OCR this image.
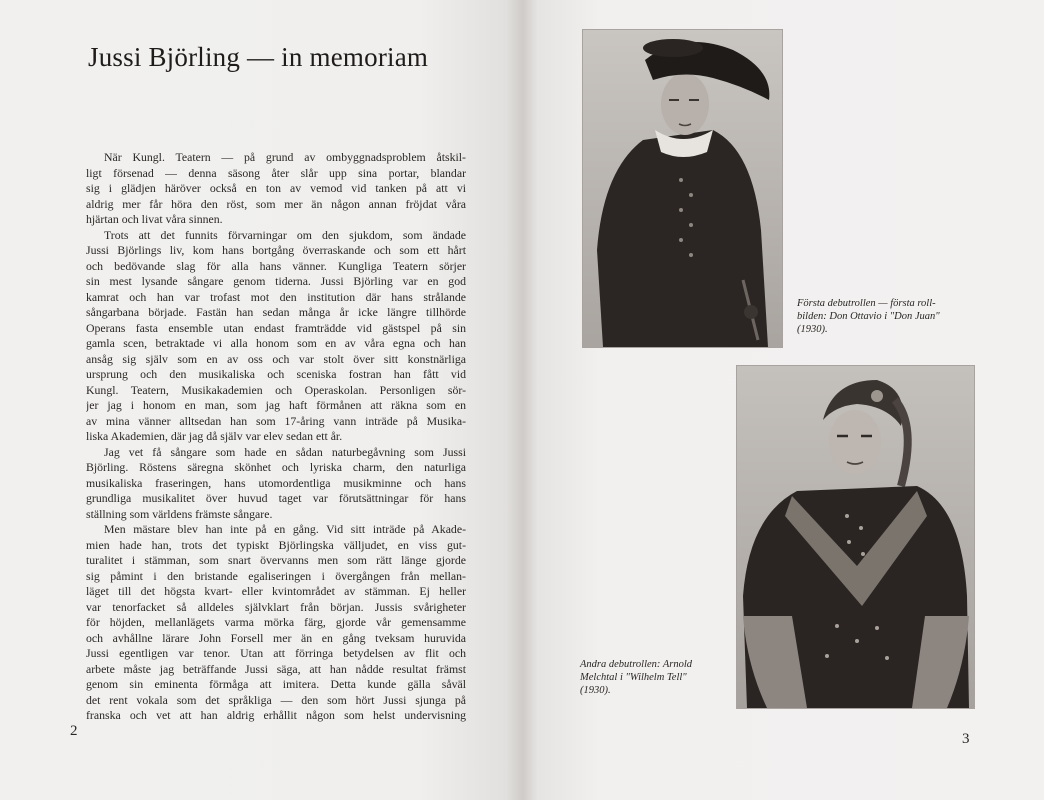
Jussi Björling — in memoriam
När Kungl. Teatern — på grund av ombyggnadsproblem åtskil-
ligt försenad — denna säsong åter slår upp sina portar, blandar
sig i glädjen häröver också en ton av vemod vid tanken på att vi
aldrig mer får höra den röst, som mer än någon annan fröjdat våra
hjärtan och livat våra sinnen.
Trots att det funnits förvarningar om den sjukdom, som ändade
Jussi Björlings liv, kom hans bortgång överraskande och som ett hårt
och bedövande slag för alla hans vänner. Kungliga Teatern sörjer
sin mest lysande sångare genom tiderna. Jussi Björling var en god
kamrat och han var trofast mot den institution där hans strålande
sångarbana började. Fastän han sedan många år icke längre tillhörde
Operans fasta ensemble utan endast framträdde vid gästspel på sin
gamla scen, betraktade vi alla honom som en av våra egna och han
ansåg sig själv som en av oss och var stolt över sitt konstnärliga
ursprung och den musikaliska och sceniska fostran han fått vid
Kungl. Teatern, Musikakademien och Operaskolan. Personligen sör-
jer jag i honom en man, som jag haft förmånen att räkna som en
av mina vänner alltsedan han som 17-åring vann inträde på Musika-
liska Akademien, där jag då själv var elev sedan ett år.
Jag vet få sångare som hade en sådan naturbegåvning som Jussi
Björling. Röstens säregna skönhet och lyriska charm, den naturliga
musikaliska fraseringen, hans utomordentliga musikminne och hans
grundliga musikalitet över huvud taget var förutsättningar för hans
ställning som världens främste sångare.
Men mästare blev han inte på en gång. Vid sitt inträde på Akade-
mien hade han, trots det typiskt Björlingska välljudet, en viss gut-
turalitet i stämman, som snart övervanns men som rätt länge gjorde
sig påmint i den bristande egaliseringen i övergången från mellan-
läget till det högsta kvart- eller kvintområdet av stämman. Ej heller
var tenorfacket så alldeles självklart från början. Jussis svårigheter
för höjden, mellanlägets varma mörka färg, gjorde vår gemensamme
och avhållne lärare John Forsell mer än en gång tveksam huruvida
Jussi egentligen var tenor. Utan att förringa betydelsen av flit och
arbete måste jag beträffande Jussi säga, att han nådde resultat främst
genom sin eminenta förmåga att imitera. Detta kunde gälla såväl
det rent vokala som det språkliga — den som hört Jussi sjunga på
franska och vet att han aldrig erhållit någon som helst undervisning
2
Första debutrollen — första roll-
bilden: Don Ottavio i "Don Juan"
(1930).
Andra debutrollen: Arnold
Melchtal i "Wilhelm Tell"
(1930).
3
